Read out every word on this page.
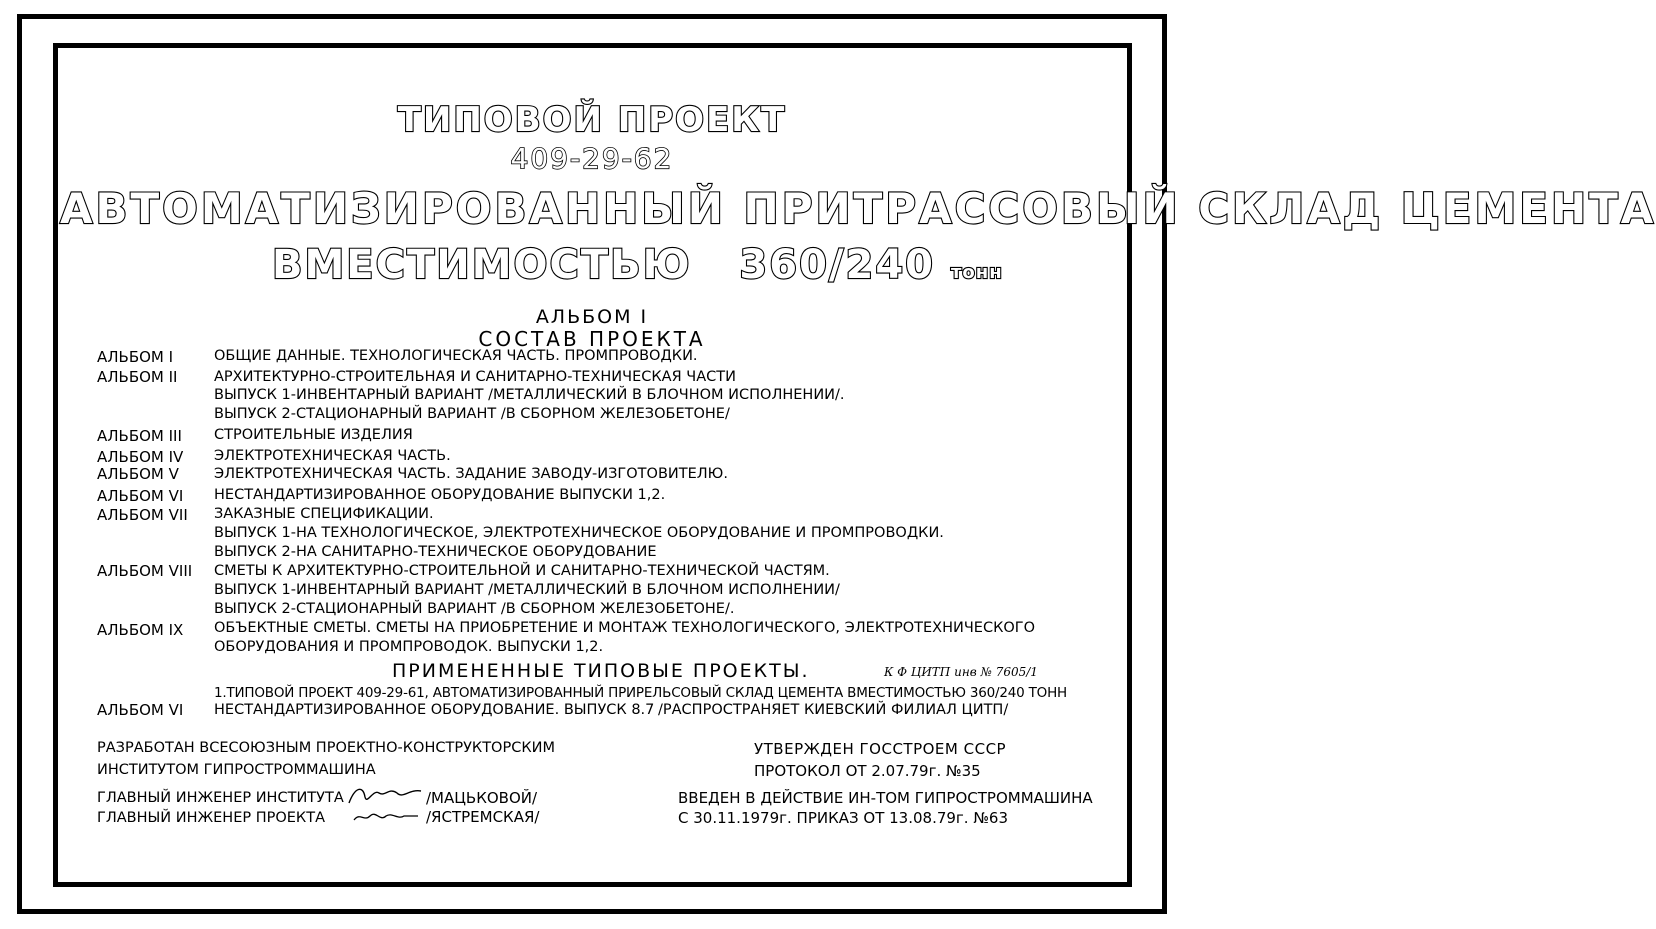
ТИПОВОЙ ПРОЕКТ
409-29-62
АВТОМАТИЗИРОВАННЫЙ ПРИТРАССОВЫЙ СКЛАД ЦЕМЕНТА
ВМЕСТИМОСТЬЮ 360/240 тонн
АЛЬБОМ I
СОСТАВ ПРОЕКТА
АЛЬБОМ I	ОБЩИЕ ДАННЫЕ. ТЕХНОЛОГИЧЕСКАЯ ЧАСТЬ. ПРОМПРОВОДКИ.
АЛЬБОМ II	АРХИТЕКТУРНО-СТРОИТЕЛЬНАЯ И САНИТАРНО-ТЕХНИЧЕСКАЯ ЧАСТИ
ВЫПУСК 1-ИНВЕНТАРНЫЙ ВАРИАНТ /МЕТАЛЛИЧЕСКИЙ В БЛОЧНОМ ИСПОЛНЕНИИ/.
ВЫПУСК 2-СТАЦИОНАРНЫЙ ВАРИАНТ /В СБОРНОМ ЖЕЛЕЗОБЕТОНЕ/
АЛЬБОМ III СТРОИТЕЛЬНЫЕ ИЗДЕЛИЯ
АЛЬБОМ IV ЭЛЕКТРОТЕХНИЧЕСКАЯ ЧАСТЬ.
АЛЬБОМ V ЭЛЕКТРОТЕХНИЧЕСКАЯ ЧАСТЬ. ЗАДАНИЕ ЗАВОДУ-ИЗГОТОВИТЕЛЮ.
АЛЬБОМ VI НЕСТАНДАРТИЗИРОВАННОЕ ОБОРУДОВАНИЕ ВЫПУСКИ 1,2.
АЛЬБОМ VII ЗАКАЗНЫЕ СПЕЦИФИКАЦИИ.
ВЫПУСК 1-НА ТЕХНОЛОГИЧЕСКОЕ, ЭЛЕКТРОТЕХНИЧЕСКОЕ ОБОРУДОВАНИЕ И ПРОМПРОВОДКИ.
ВЫПУСК 2-НА САНИТАРНО-ТЕХНИЧЕСКОЕ ОБОРУДОВАНИЕ
АЛЬБОМ VIII СМЕТЫ К АРХИТЕКТУРНО-СТРОИТЕЛЬНОЙ И САНИТАРНО-ТЕХНИЧЕСКОЙ ЧАСТЯМ.
ВЫПУСК 1-ИНВЕНТАРНЫЙ ВАРИАНТ /МЕТАЛЛИЧЕСКИЙ В БЛОЧНОМ ИСПОЛНЕНИИ/
ВЫПУСК 2-СТАЦИОНАРНЫЙ ВАРИАНТ /В СБОРНОМ ЖЕЛЕЗОБЕТОНЕ/.
АЛЬБОМ IX ОБЪЕКТНЫЕ СМЕТЫ. СМЕТЫ НА ПРИОБРЕТЕНИЕ И МОНТАЖ ТЕХНОЛОГИЧЕСКОГО, ЭЛЕКТРОТЕХНИЧЕСКОГО
ОБОРУДОВАНИЯ И ПРОМПРОВОДОК. ВЫПУСКИ 1,2.
ПРИМЕНЕННЫЕ ТИПОВЫЕ ПРОЕКТЫ.	К Ф ЦИТП инв № 7605/1
1.ТИПОВОЙ ПРОЕКТ 409-29-61, АВТОМАТИЗИРОВАННЫЙ ПРИРЕЛЬСОВЫЙ СКЛАД ЦЕМЕНТА ВМЕСТИМОСТЬЮ 360/240 ТОНН
АЛЬБОМ VI НЕСТАНДАРТИЗИРОВАННОЕ ОБОРУДОВАНИЕ. ВЫПУСК 8.7 /РАСПРОСТРАНЯЕТ КИЕВСКИЙ ФИЛИАЛ ЦИТП/
РАЗРАБОТАН ВСЕСОЮЗНЫМ ПРОЕКТНО-КОНСТРУКТОРСКИМ
ИНСТИТУТОМ ГИПРОСТРОММАШИНА
ГЛАВНЫЙ ИНЖЕНЕР ИНСТИТУТА
ГЛАВНЫЙ ИНЖЕНЕР ПРОЕКТА
/МАЦЬКОВОЙ/
/ЯСТРЕМСКАЯ/
УТВЕРЖДЕН ГОССТРОЕМ СССР
ПРОТОКОЛ ОТ 2.07.79г. №35
ВВЕДЕН В ДЕЙСТВИЕ ИН-ТОМ ГИПРОСТРОММАШИНА
С 30.11.1979г. ПРИКАЗ ОТ 13.08.79г. №63
